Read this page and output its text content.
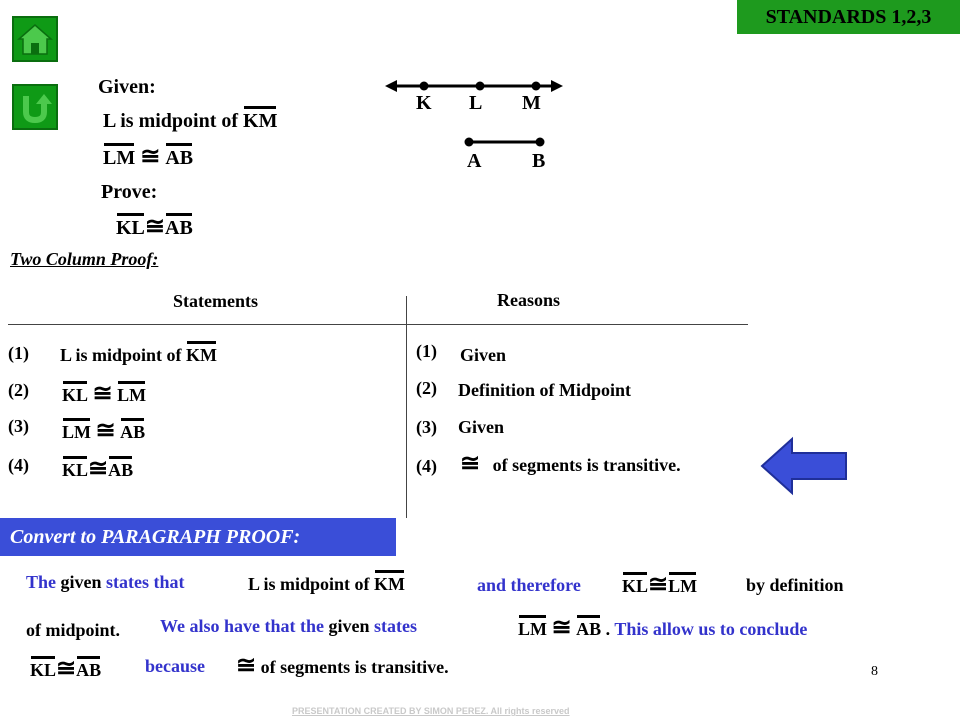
STANDARDS 1,2,3
Given:
L is midpoint of KM
LM ≅ AB
Prove:
KL≅AB
K L M
A	B
Two Column Proof:
Statements	Reasons
(1) L is midpoint of KM	(1) Given
(2) KL ≅ LM	(2) Definition of Midpoint
(3) LM ≅ AB	(3) Given
(4) KL≅AB	(4) ≅ of segments is transitive.
Convert to PARAGRAPH PROOF:
The given states that	L is midpoint of KM	and therefore KL≅LM	by definition
of midpoint. We also have that the given states	LM ≅ AB . This allow us to conclude
KL≅AB because ≅ of segments is transitive.	8
PRESENTATION CREATED BY SIMON PEREZ. All rights reserved
